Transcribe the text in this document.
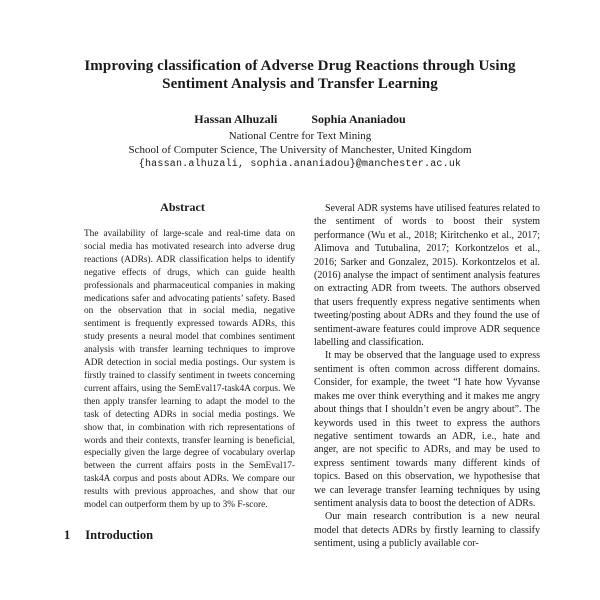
Improving classification of Adverse Drug Reactions through Using
Sentiment Analysis and Transfer Learning
Hassan Alhuzali	Sophia Ananiadou
National Centre for Text Mining
School of Computer Science, The University of Manchester, United Kingdom
{hassan.alhuzali, sophia.ananiadou}@manchester.ac.uk
Abstract

The availability of large-scale and real-time data on social media has motivated research into adverse drug reactions (ADRs). ADR classification helps to identify negative effects of drugs, which can guide health professionals and pharmaceutical companies in making medications safer and advocating patients’ safety. Based on the observation that in social media, negative sentiment is frequently expressed towards ADRs, this study presents a neural model that combines sentiment analysis with transfer learning techniques to improve ADR detection in social media postings. Our system is firstly trained to classify sentiment in tweets concerning current affairs, using the SemEval17-task4A corpus. We then apply transfer learning to adapt the model to the task of detecting ADRs in social media postings. We show that, in combination with rich representations of words and their contexts, transfer learning is beneficial, especially given the large degree of vocabulary overlap between the current affairs posts in the SemEval17-task4A corpus and posts about ADRs. We compare our results with previous approaches, and show that our model can outperform them by up to 3% F-score.

1 Introduction

Several ADR systems have utilised features related to the sentiment of words to boost their system performance (Wu et al., 2018; Kiritchenko et al., 2017; Alimova and Tutubalina, 2017; Korkontzelos et al., 2016; Sarker and Gonzalez, 2015). Korkontzelos et al. (2016) analyse the impact of sentiment analysis features on extracting ADR from tweets. The authors observed that users frequently express negative sentiments when tweeting/posting about ADRs and they found the use of sentiment-aware features could improve ADR sequence labelling and classification.

It may be observed that the language used to express sentiment is often common across different domains. Consider, for example, the tweet “I hate how Vyvanse makes me over think everything and it makes me angry about things that I shouldn’t even be angry about”. The keywords used in this tweet to express the authors negative sentiment towards an ADR, i.e., hate and anger, are not specific to ADRs, and may be used to express sentiment towards many different kinds of topics. Based on this observation, we hypothesise that we can leverage transfer learning techniques by using sentiment analysis data to boost the detection of ADRs.

Our main research contribution is a new neural model that detects ADRs by firstly learning to classify sentiment, using a publicly available cor-
